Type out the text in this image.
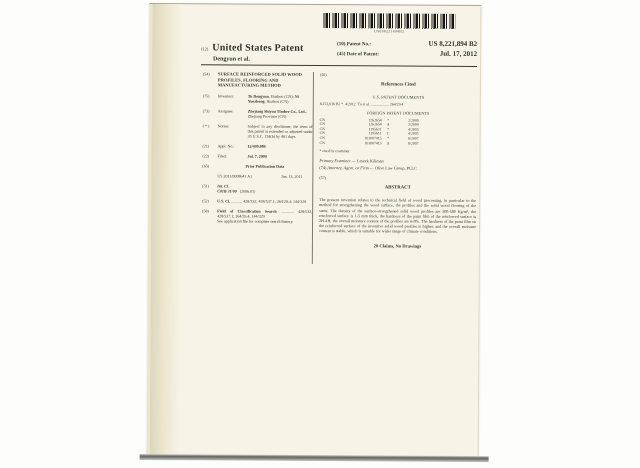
US008221894B2
(12) United States Patent
Dengyun et al.
(10) Patent No.:	US 8,221,894 B2
(45) Date of Patent:	Jul. 17, 2012
(54)	SURFACE REINFORCED SOLID WOOD PROFILES, FLOORING AND MANUFACTURING METHOD
(75)	Inventors:	Tu Dengyun, Huzhou (CN); Ni Yuezhong, Huzhou (CN)
(73)	Assignee:	Zhejiang Shiyou Timber Co., Ltd., Zhejiang Province (CN)
( * )	Notice:	Subject to any disclaimer, the term of this patent is extended or adjusted under 35 U.S.C. 154(b) by 461 days.
(21)	Appl. No.:	12/499,080
(22)	Filed:	Jul. 7, 2009
(65)	Prior Publication Data
US 2011/0008641 A1	Jan. 13, 2011
(51)	Int. Cl.
C01B 31/00 (2006.01)
(52)	U.S. Cl. ........... 428/532; 428/537.1; 264/29.4; 144/329
(58)	Field of Classification Search ............. 428/532, 428/537.1; 264/29.4; 144/329
See application file for complete search history.
(56)
References Cited
U.S. PATENT DOCUMENTS
8,153,036 B2 * 4/2012 Tu et al. ................... 264/29.4
FOREIGN PATENT DOCUMENTS
CN	1262654	*	2/2000
CN	1262654	A	2/2000
CN	1195611	*	4/2005
CN	1195611	C	4/2005
CN	101007415	*	8/2007
CN	101007415	A	8/2007
* cited by examiner
Primary Examiner — Leszek Kiliman
(74) Attorney, Agent, or Firm — Olive Law Group, PLLC
(57)
ABSTRACT
The present invention relates to the technical field of wood processing, in particular to the method for strengthening the wood surface, the profiles and the solid wood flooring of the same. The density of the surface-strengthened solid wood profiles are 500-580 Kg/m³, the reinforced surface is 1-5 mm thick, the hardness of the paint film of the reinforced surface is 2H-4H, the overall moisture content of the profiles are 6-9%. The hardness of the paint film on the reinforced surface of the inventive solid wood profiles is higher, and the overall moisture content is stable, which is suitable for wider range of climate conditions.
20 Claims, No Drawings
